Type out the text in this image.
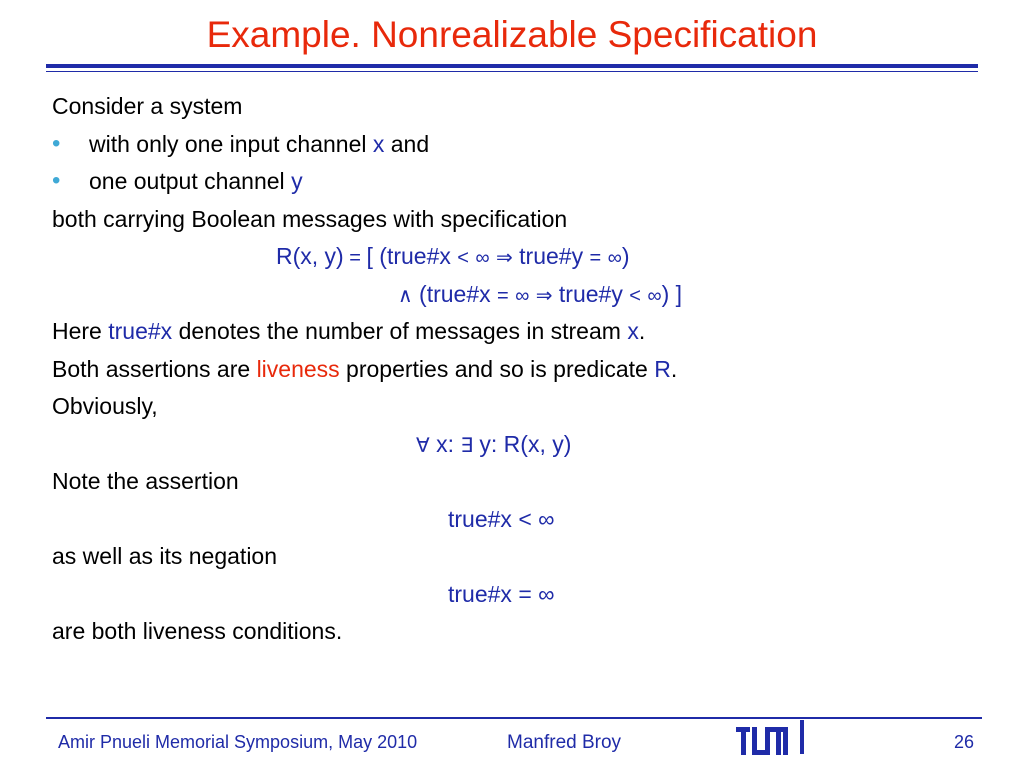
Example. Nonrealizable Specification
Consider a system
• with only one input channel x and
• one output channel y
both carrying Boolean messages with specification
R(x, y) = [ (true#x < ∞ ⇒ true#y = ∞)
∧ (true#x = ∞ ⇒ true#y < ∞) ]
Here true#x denotes the number of messages in stream x.
Both assertions are liveness properties and so is predicate R.
Obviously,
∀ x: ∃ y: R(x, y)
Note the assertion
true#x < ∞
as well as its negation
true#x = ∞
are both liveness conditions.
Amir Pnueli Memorial Symposium, May 2010	Manfred Broy	26
